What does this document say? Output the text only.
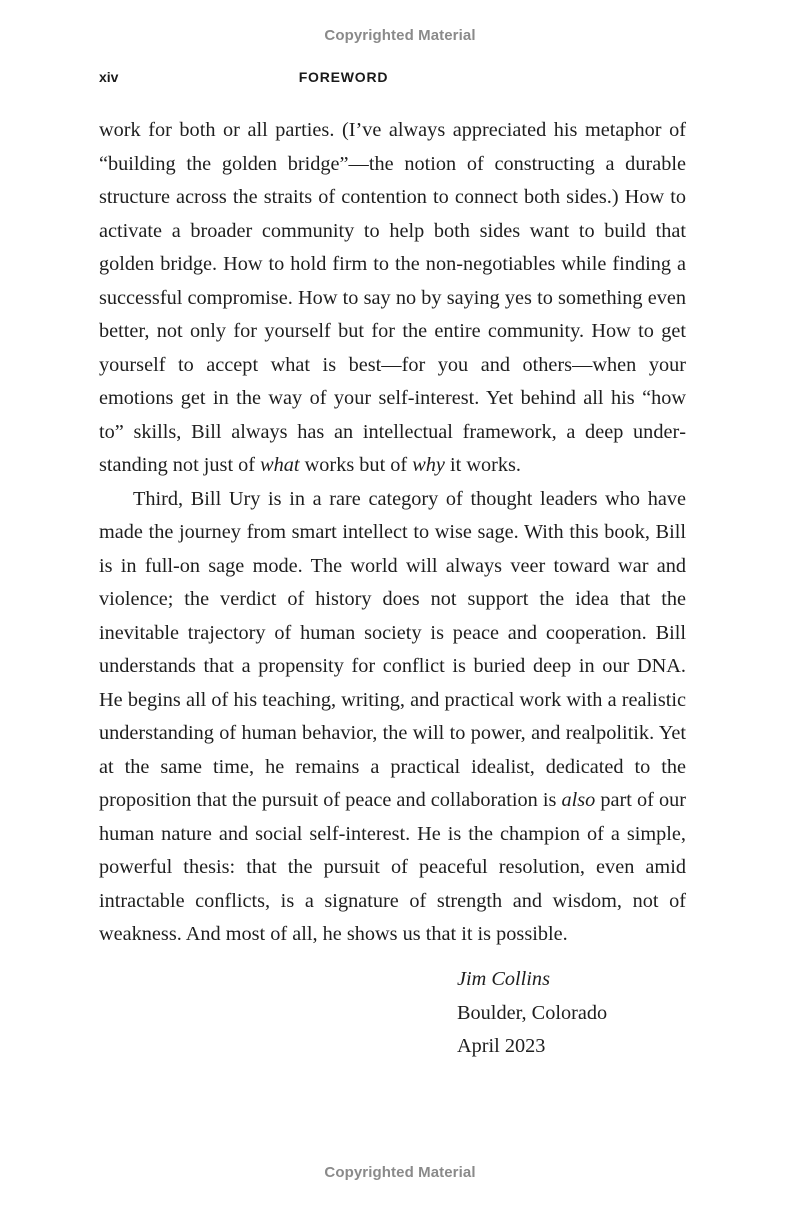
Copyrighted Material
xiv	FOREWORD

work for both or all parties. (I’ve always appreciated his metaphor of “building the golden bridge”—the notion of constructing a durable structure across the straits of contention to connect both sides.) How to activate a broader community to help both sides want to build that golden bridge. How to hold firm to the non-negotiables while finding a successful compromise. How to say no by saying yes to something even better, not only for yourself but for the entire community. How to get yourself to accept what is best—for you and others—when your emotions get in the way of your self-interest. Yet behind all his “how to” skills, Bill always has an intellectual framework, a deep understanding not just of what works but of why it works.

Third, Bill Ury is in a rare category of thought leaders who have made the journey from smart intellect to wise sage. With this book, Bill is in full-on sage mode. The world will always veer toward war and violence; the verdict of history does not support the idea that the inevitable trajectory of human society is peace and cooperation. Bill understands that a propensity for conflict is buried deep in our DNA. He begins all of his teaching, writing, and practical work with a realistic understanding of human behavior, the will to power, and realpolitik. Yet at the same time, he remains a practical idealist, dedicated to the proposition that the pursuit of peace and collaboration is also part of our human nature and social self-interest. He is the champion of a simple, powerful thesis: that the pursuit of peaceful resolution, even amid intractable conflicts, is a signature of strength and wisdom, not of weakness. And most of all, he shows us that it is possible.

Jim Collins
Boulder, Colorado
April 2023
Copyrighted Material
